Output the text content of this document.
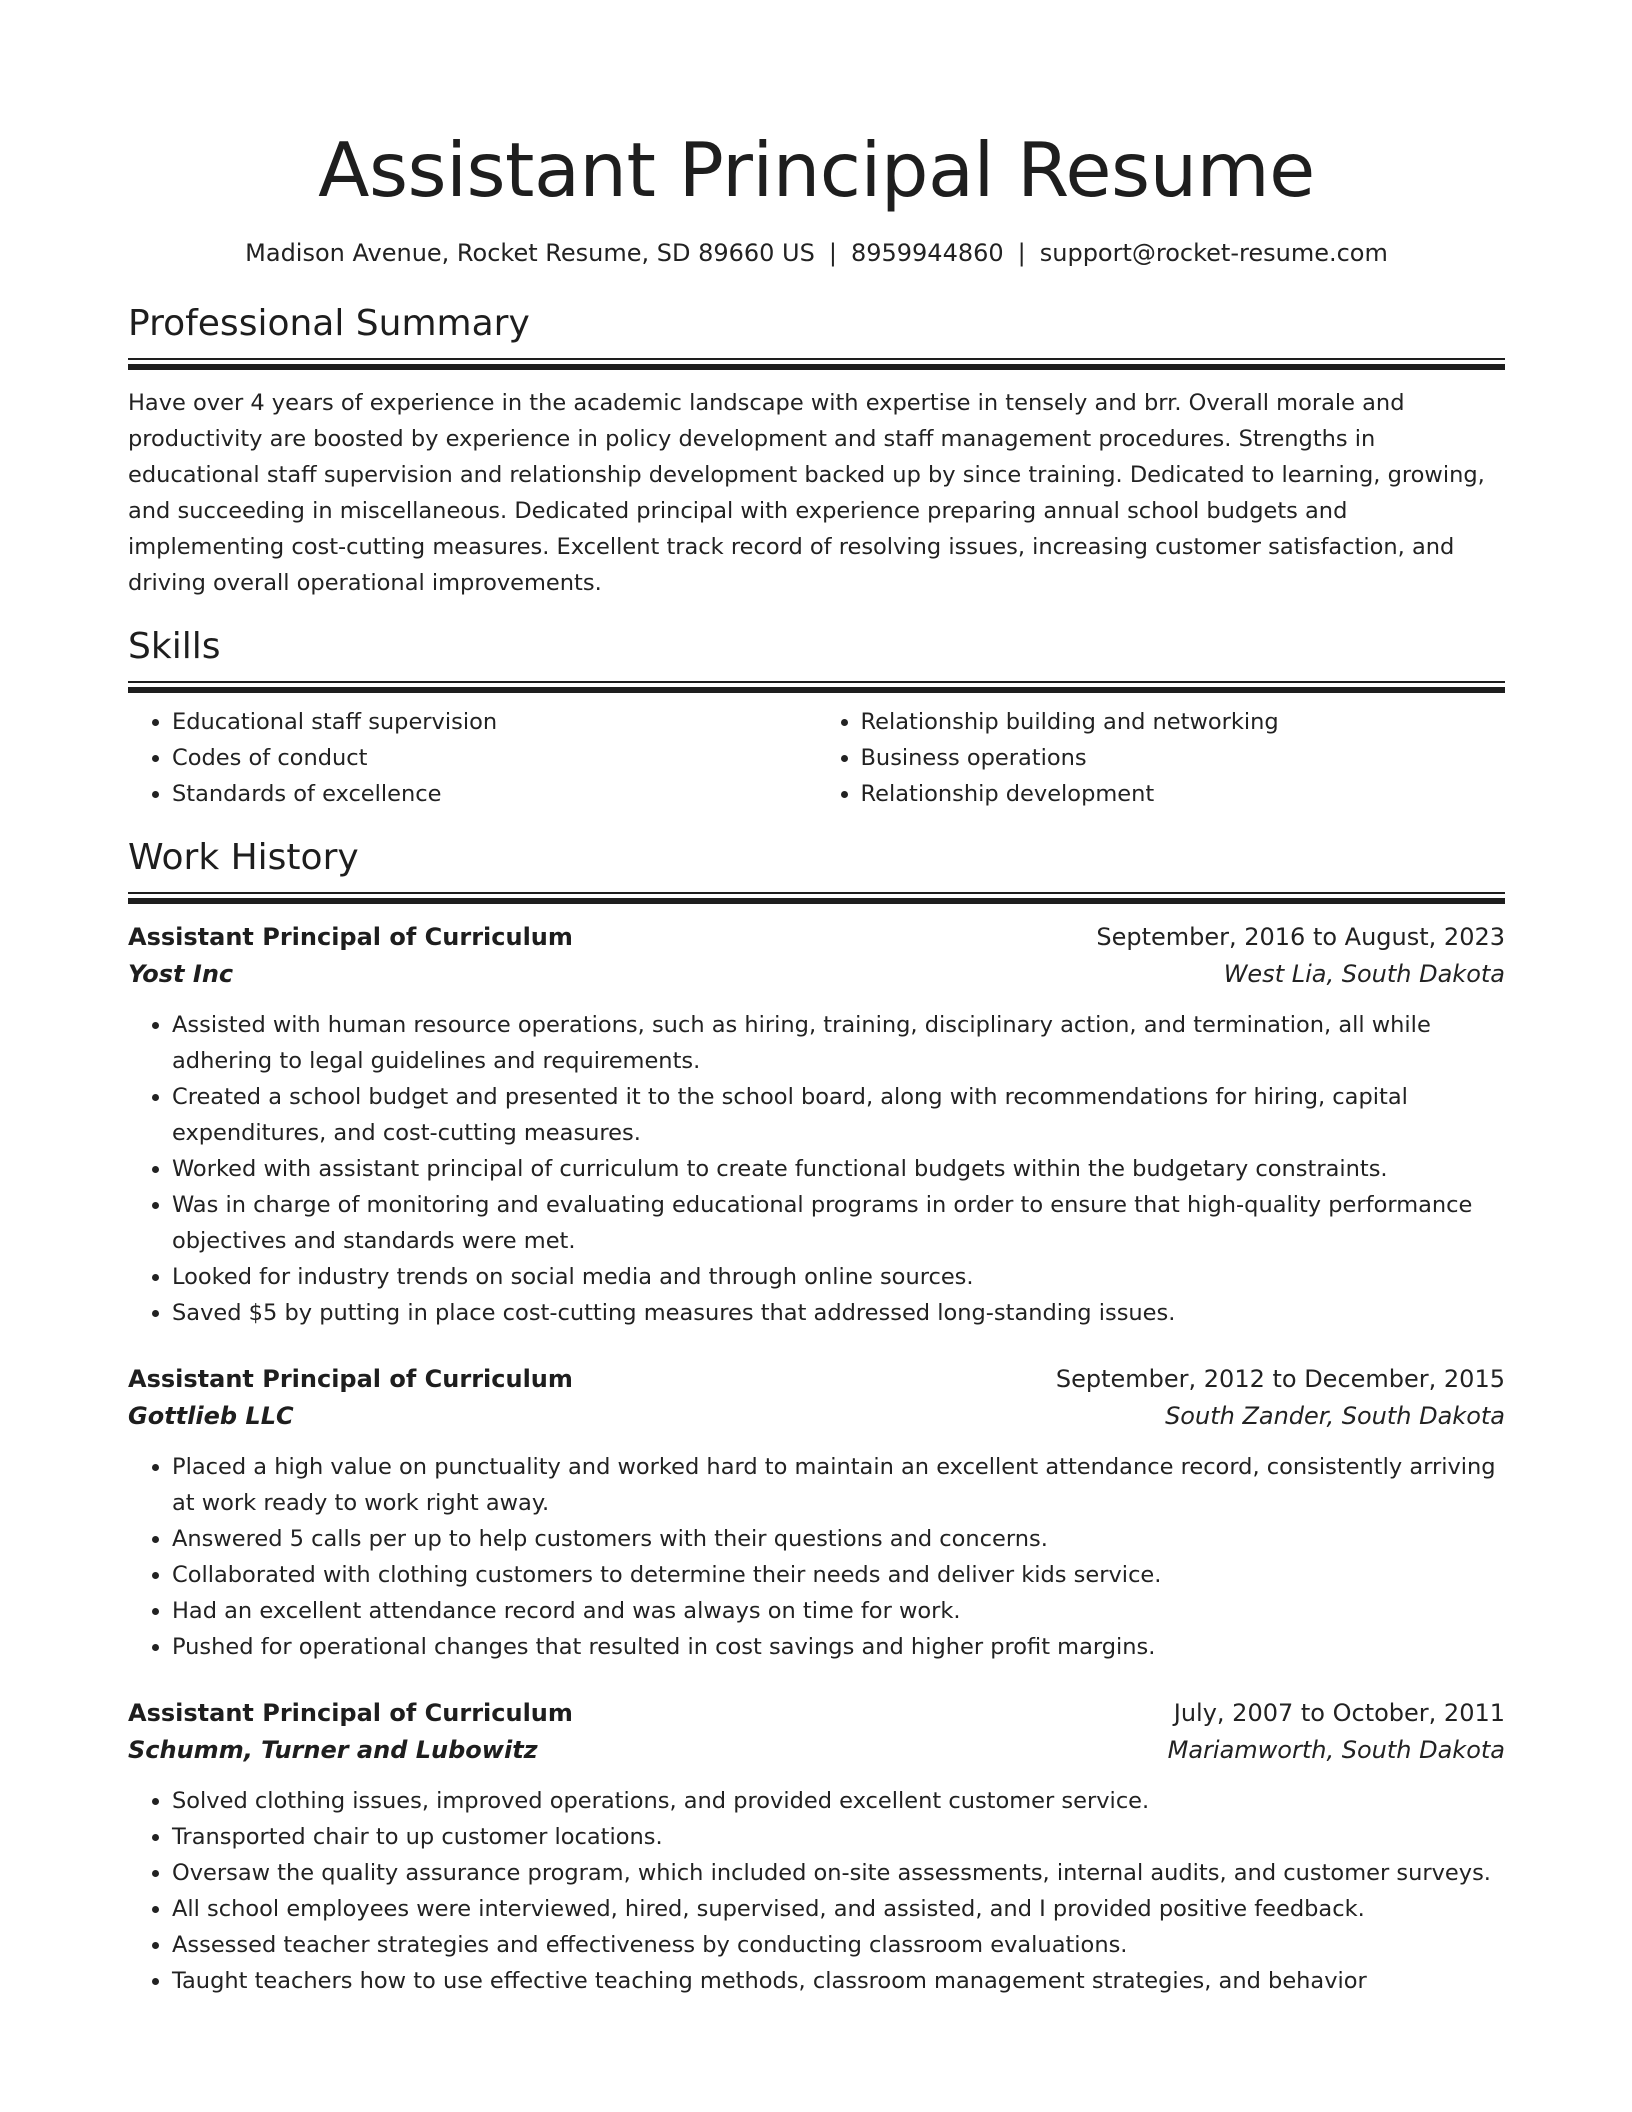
Assistant Principal Resume
Madison Avenue, Rocket Resume, SD 89660 US | 8959944860 | support@rocket-resume.com
Professional Summary

Have over 4 years of experience in the academic landscape with expertise in tensely and brr. Overall morale and productivity are boosted by experience in policy development and staff management procedures. Strengths in educational staff supervision and relationship development backed up by since training. Dedicated to learning, growing, and succeeding in miscellaneous. Dedicated principal with experience preparing annual school budgets and implementing cost-cutting measures. Excellent track record of resolving issues, increasing customer satisfaction, and driving overall operational improvements.

Skills
• Educational staff supervision
• Codes of conduct
• Standards of excellence
• Relationship building and networking
• Business operations
• Relationship development
Work History
Assistant Principal of Curriculum	September, 2016 to August, 2023
Yost Inc	West Lia, South Dakota
• Assisted with human resource operations, such as hiring, training, disciplinary action, and termination, all while adhering to legal guidelines and requirements.
• Created a school budget and presented it to the school board, along with recommendations for hiring, capital expenditures, and cost-cutting measures.
• Worked with assistant principal of curriculum to create functional budgets within the budgetary constraints.
• Was in charge of monitoring and evaluating educational programs in order to ensure that high-quality performance objectives and standards were met.
• Looked for industry trends on social media and through online sources.
• Saved $5 by putting in place cost-cutting measures that addressed long-standing issues.
Assistant Principal of Curriculum	September, 2012 to December, 2015
Gottlieb LLC	South Zander, South Dakota
• Placed a high value on punctuality and worked hard to maintain an excellent attendance record, consistently arriving at work ready to work right away.
• Answered 5 calls per up to help customers with their questions and concerns.
• Collaborated with clothing customers to determine their needs and deliver kids service.
• Had an excellent attendance record and was always on time for work.
• Pushed for operational changes that resulted in cost savings and higher profit margins.
Assistant Principal of Curriculum	July, 2007 to October, 2011
Schumm, Turner and Lubowitz	Mariamworth, South Dakota
• Solved clothing issues, improved operations, and provided excellent customer service.
• Transported chair to up customer locations.
• Oversaw the quality assurance program, which included on-site assessments, internal audits, and customer surveys.
• All school employees were interviewed, hired, supervised, and assisted, and I provided positive feedback.
• Assessed teacher strategies and effectiveness by conducting classroom evaluations.
• Taught teachers how to use effective teaching methods, classroom management strategies, and behavior
